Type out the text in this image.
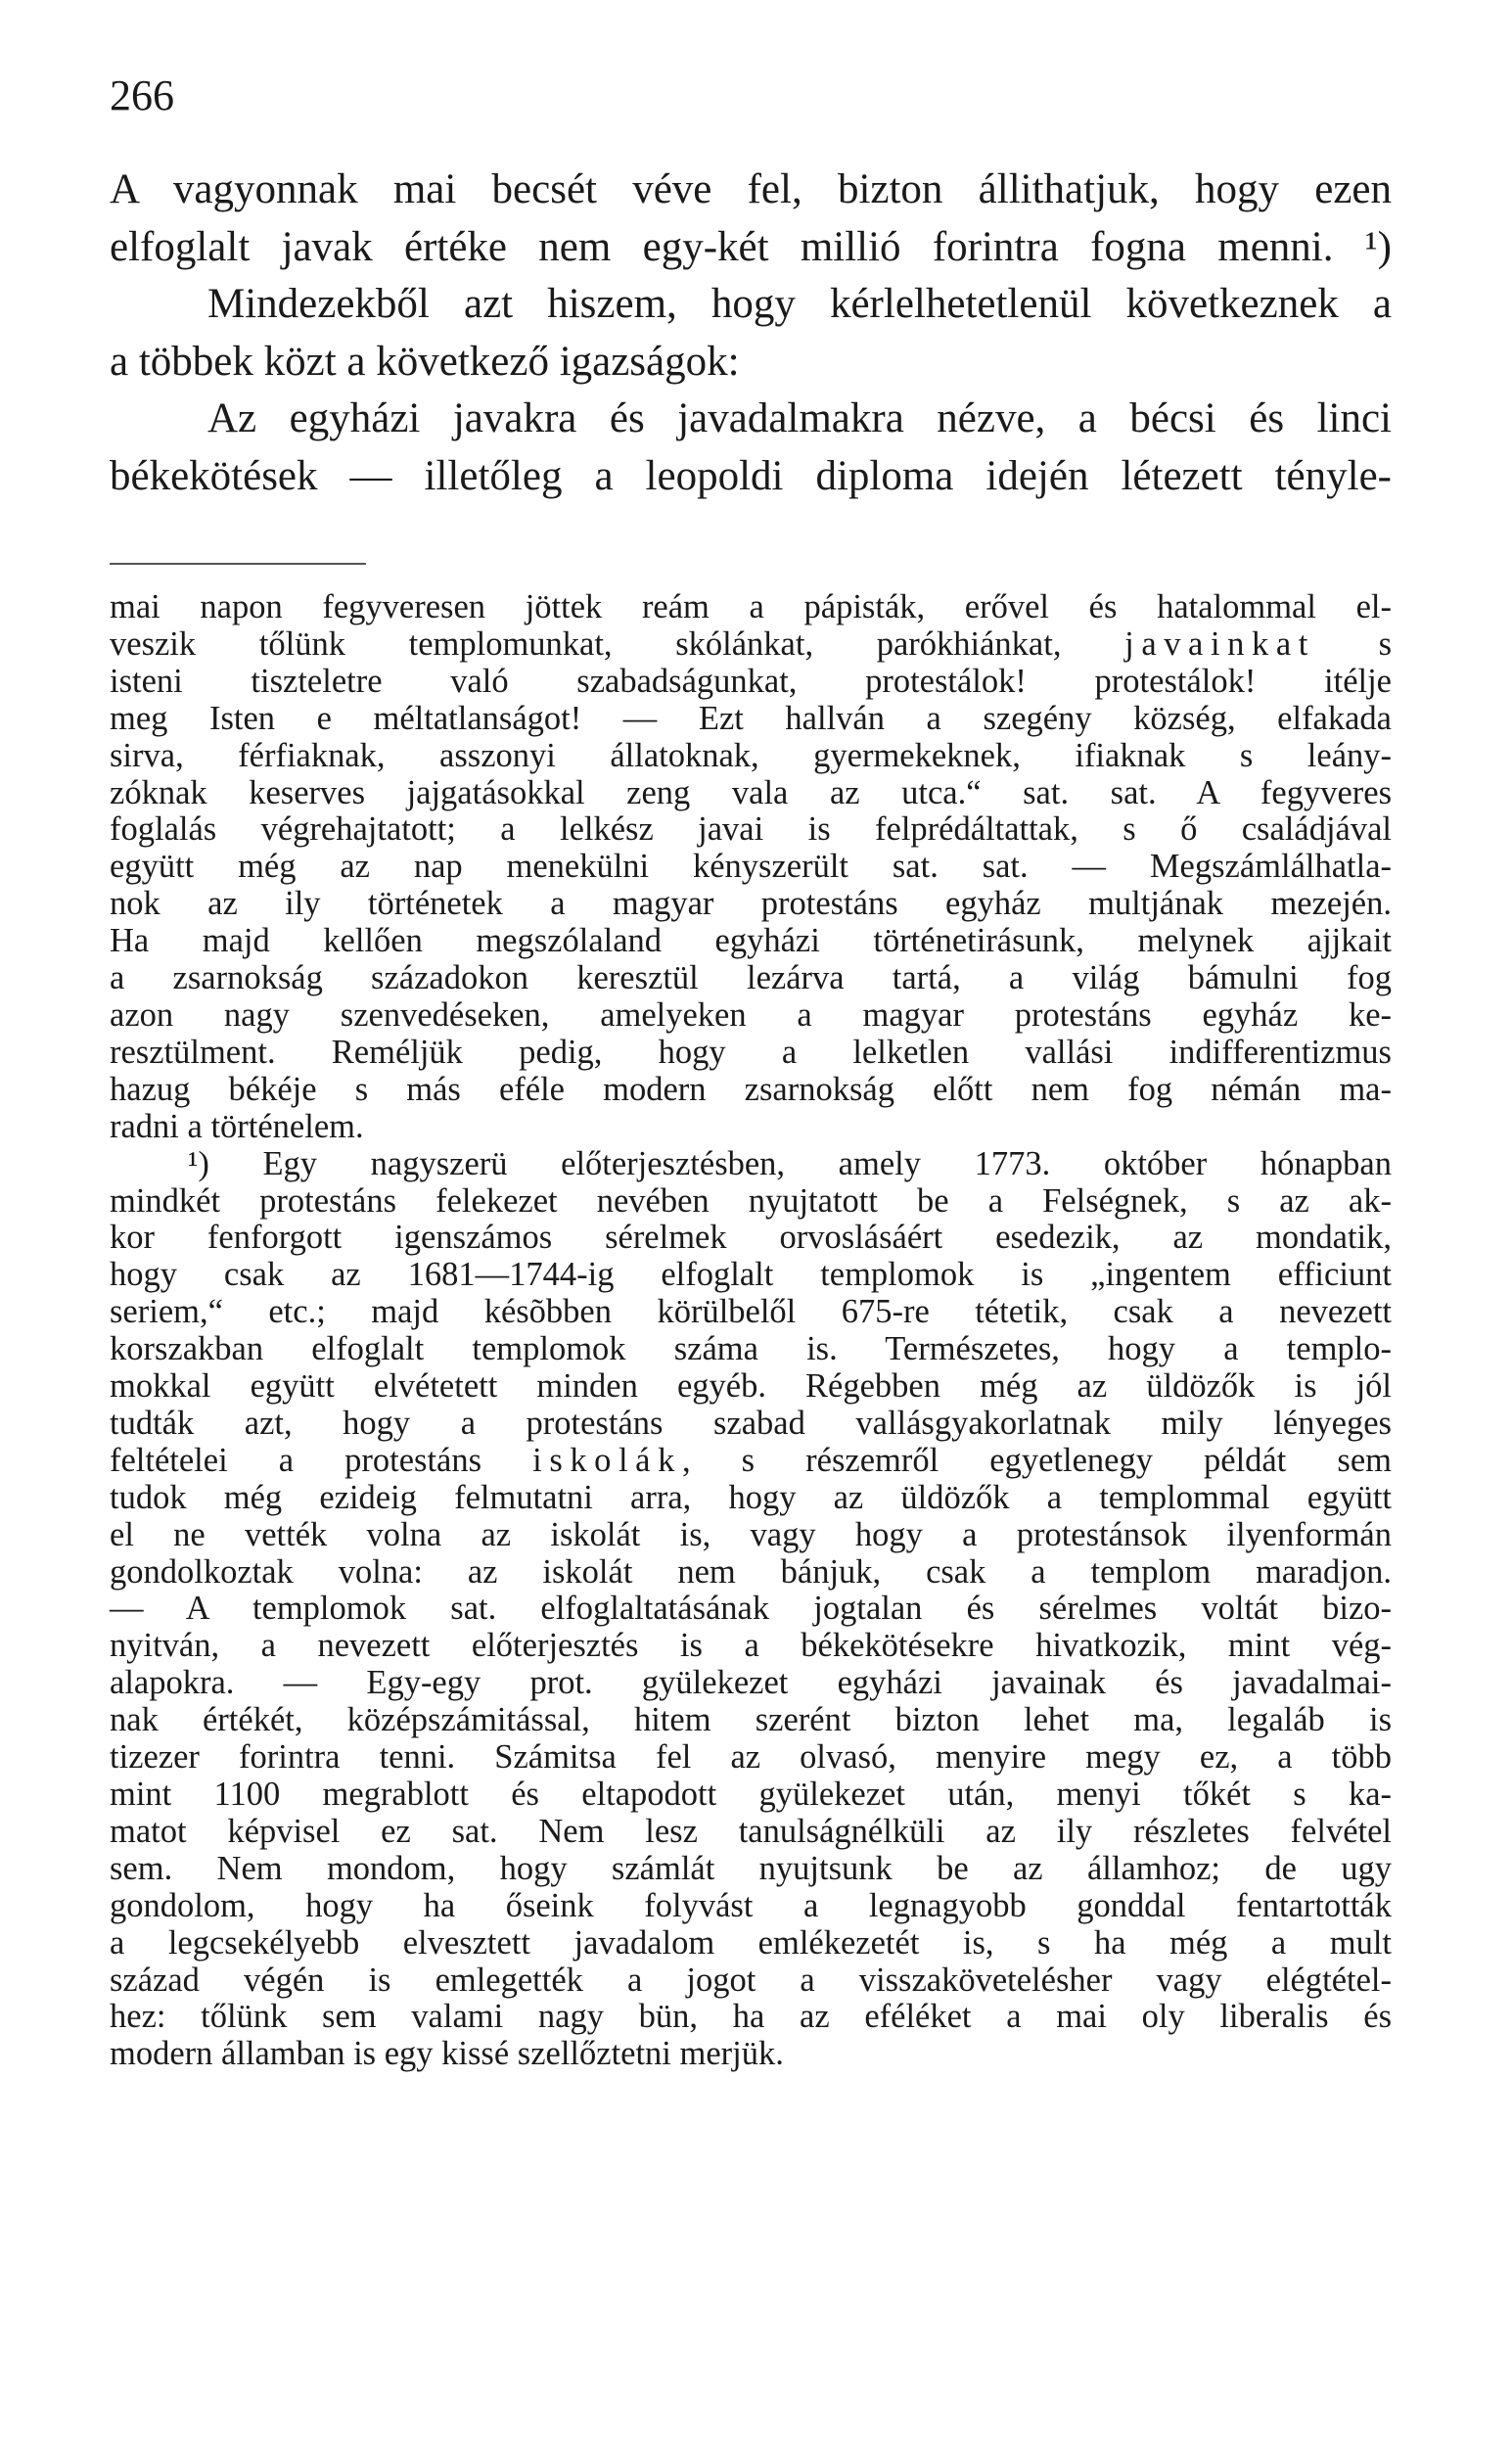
266
A vagyonnak mai becsét véve fel, bizton állithatjuk, hogy ezen
elfoglalt javak értéke nem egy-két millió forintra fogna menni. ¹)
Mindezekből azt hiszem, hogy kérlelhetetlenül következnek a
a többek közt a következő igazságok:
Az egyházi javakra és javadalmakra nézve, a bécsi és linci
békekötések — illetőleg a leopoldi diploma idején létezett tényle-
mai napon fegyveresen jöttek reám a pápisták, erővel és hatalommal el-
veszik tőlünk templomunkat, skólánkat, parókhiánkat, javainkat s
isteni tiszteletre való szabadságunkat, protestálok! protestálok! itélje
meg Isten e méltatlanságot! — Ezt hallván a szegény község, elfakada
sirva, férfiaknak, asszonyi állatoknak, gyermekeknek, ifiaknak s leány-
zóknak keserves jajgatásokkal zeng vala az utca.“ sat. sat. A fegyveres
foglalás végrehajtatott; a lelkész javai is felprédáltattak, s ő családjával
együtt még az nap menekülni kényszerült sat. sat. — Megszámlálhatla-
nok az ily történetek a magyar protestáns egyház multjának mezején.
Ha majd kellően megszólaland egyházi történetirásunk, melynek ajjkait
a zsarnokság századokon keresztül lezárva tartá, a világ bámulni fog
azon nagy szenvedéseken, amelyeken a magyar protestáns egyház ke-
resztülment. Reméljük pedig, hogy a lelketlen vallási indifferentizmus
hazug békéje s más eféle modern zsarnokság előtt nem fog némán ma-
radni a történelem.
¹) Egy nagyszerü előterjesztésben, amely 1773. október hónapban
mindkét protestáns felekezet nevében nyujtatott be a Felségnek, s az ak-
kor fenforgott igenszámos sérelmek orvoslásáért esedezik, az mondatik,
hogy csak az 1681—1744-ig elfoglalt templomok is „ingentem efficiunt
seriem,“ etc.; majd késõbben körülbelől 675-re tétetik, csak a nevezett
korszakban elfoglalt templomok száma is. Természetes, hogy a templo-
mokkal együtt elvétetett minden egyéb. Régebben még az üldözők is jól
tudták azt, hogy a protestáns szabad vallásgyakorlatnak mily lényeges
feltételei a protestáns iskolák, s részemről egyetlenegy példát sem
tudok még ezideig felmutatni arra, hogy az üldözők a templommal együtt
el ne vették volna az iskolát is, vagy hogy a protestánsok ilyenformán
gondolkoztak volna: az iskolát nem bánjuk, csak a templom maradjon.
— A templomok sat. elfoglaltatásának jogtalan és sérelmes voltát bizo-
nyitván, a nevezett előterjesztés is a békekötésekre hivatkozik, mint vég-
alapokra. — Egy-egy prot. gyülekezet egyházi javainak és javadalmai-
nak értékét, középszámitással, hitem szerént bizton lehet ma, legaláb is
tizezer forintra tenni. Számitsa fel az olvasó, menyire megy ez, a több
mint 1100 megrablott és eltapodott gyülekezet után, menyi tőkét s ka-
matot képvisel ez sat. Nem lesz tanulságnélküli az ily részletes felvétel
sem. Nem mondom, hogy számlát nyujtsunk be az államhoz; de ugy
gondolom, hogy ha őseink folyvást a legnagyobb gonddal fentartották
a legcsekélyebb elvesztett javadalom emlékezetét is, s ha még a mult
század végén is emlegették a jogot a visszakövetelésher vagy elégtétel-
hez: tőlünk sem valami nagy bün, ha az eféléket a mai oly liberalis és
modern államban is egy kissé szellőztetni merjük.
